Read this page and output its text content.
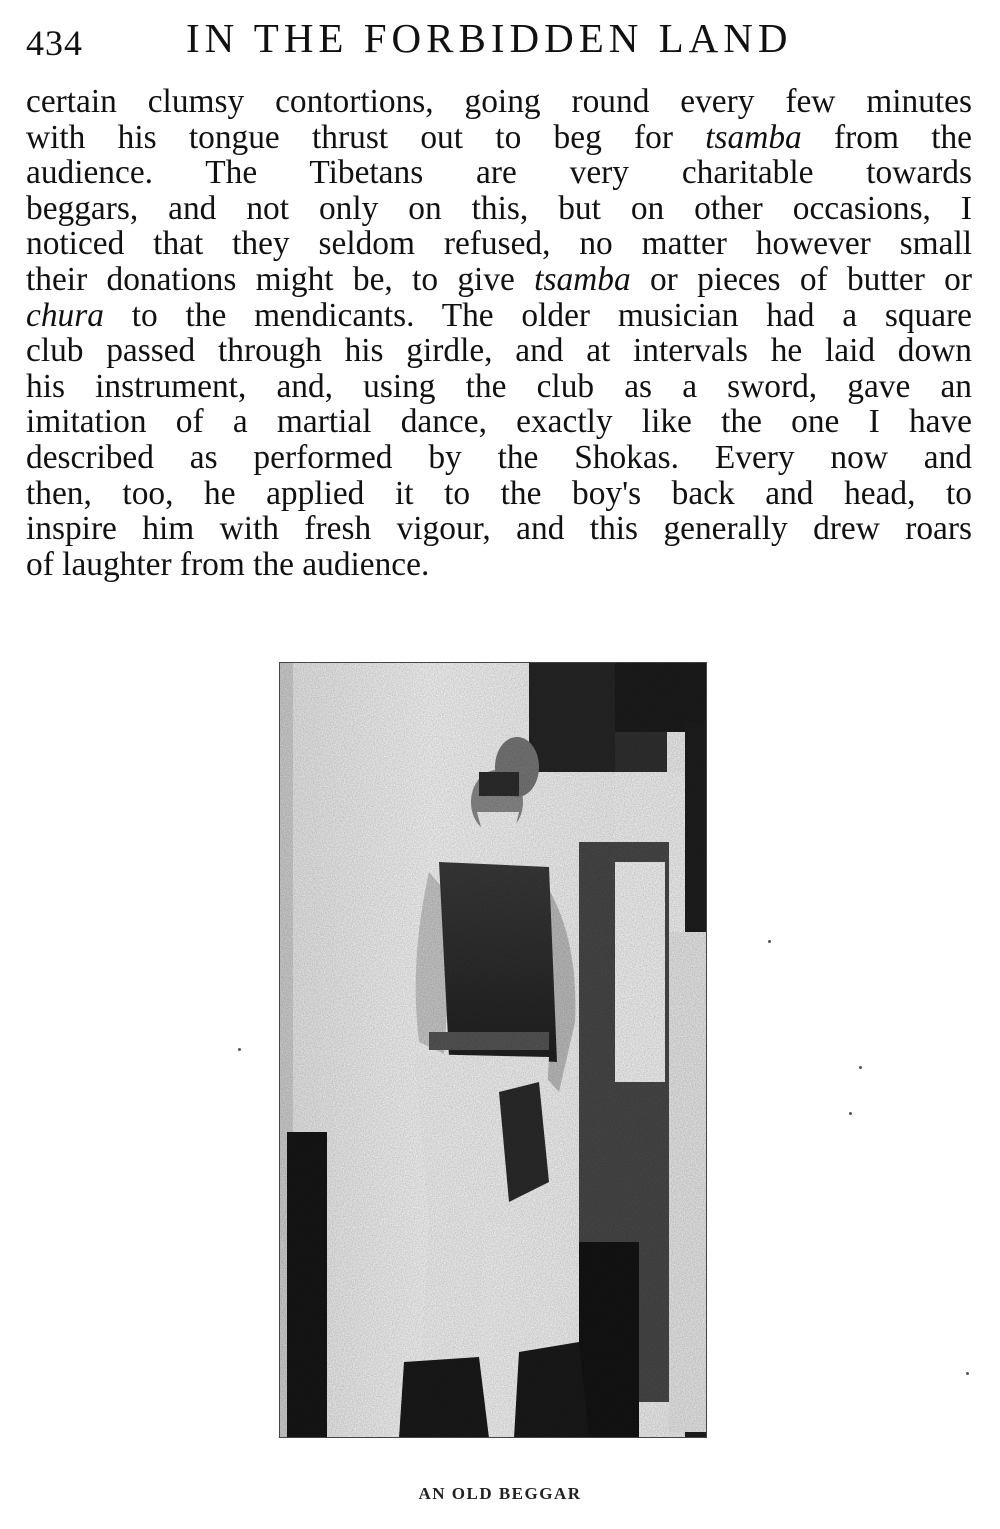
434	IN THE FORBIDDEN LAND
certain clumsy contortions, going round every few minutes
with his tongue thrust out to beg for tsamba from the
audience. The Tibetans are very charitable towards
beggars, and not only on this, but on other occasions, I
noticed that they seldom refused, no matter however small
their donations might be, to give tsamba or pieces of butter or
chura to the mendicants. The older musician had a square
club passed through his girdle, and at intervals he laid down
his instrument, and, using the club as a sword, gave an
imitation of a martial dance, exactly like the one I have
described as performed by the Shokas. Every now and
then, too, he applied it to the boy's back and head, to
inspire him with fresh vigour, and this generally drew roars
of laughter from the audience.
AN OLD BEGGAR
